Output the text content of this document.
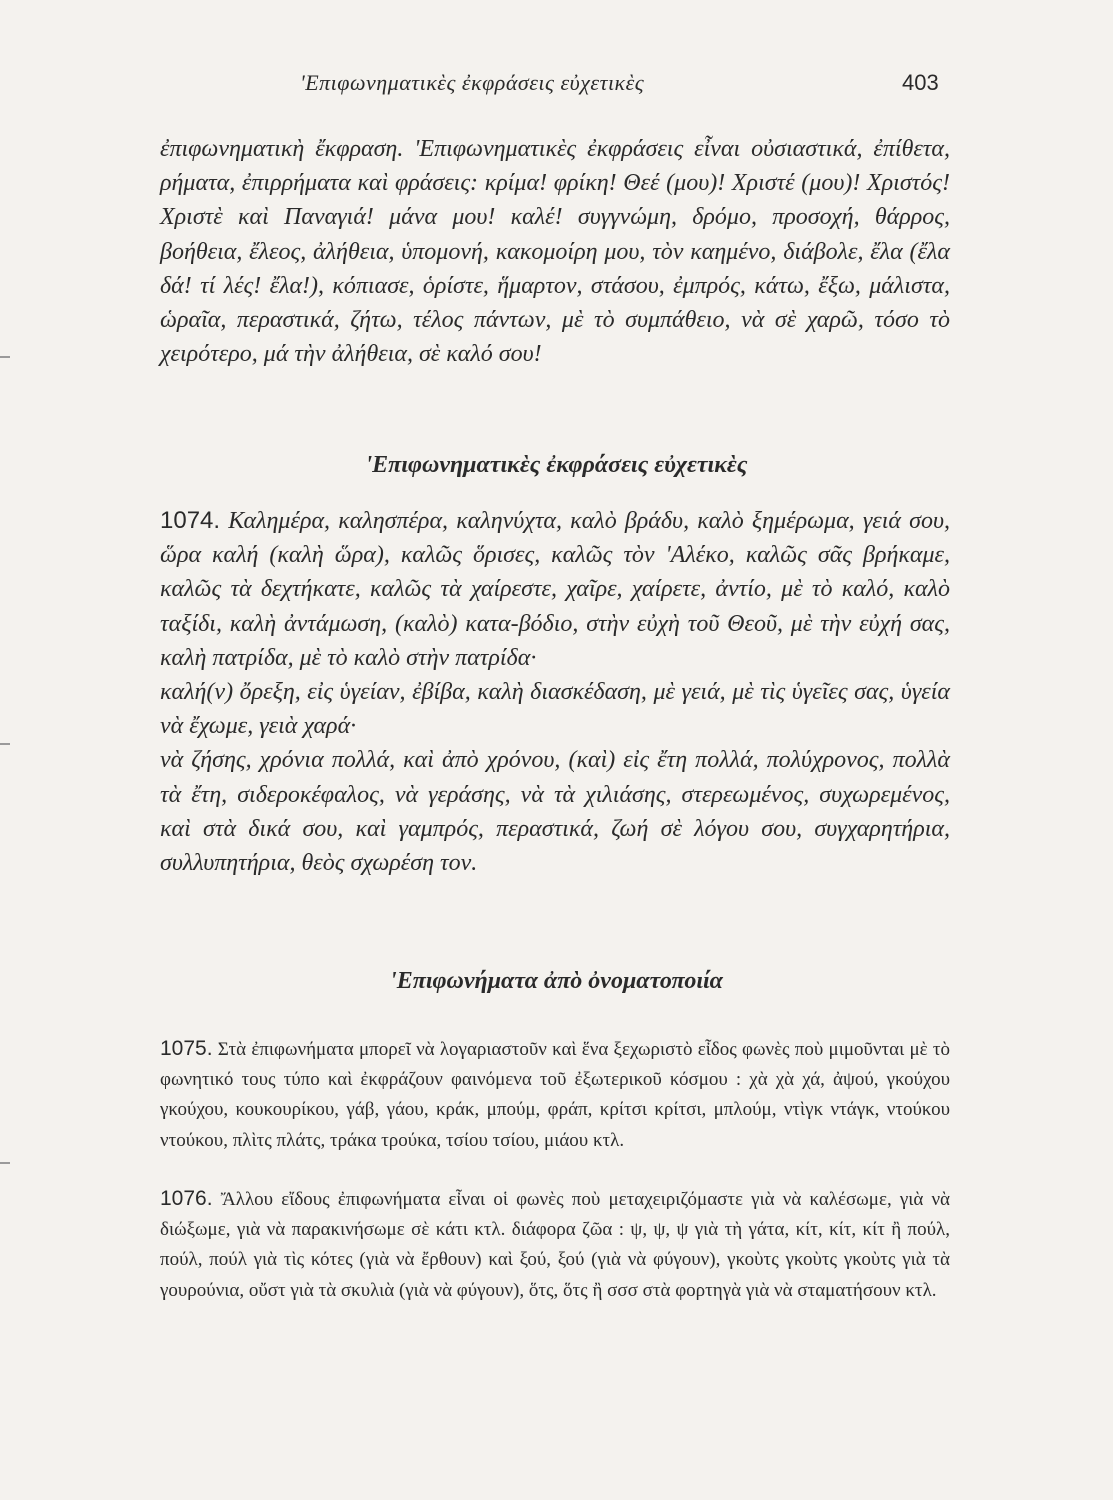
'Επιφωνηματικὲς ἐκφράσεις εὐχετικὲς	403
ἐπιφωνηματικὴ ἔκφραση. 'Επιφωνηματικὲς ἐκφράσεις εἶναι οὐσιαστικά, ἐπίθετα, ρήματα, ἐπιρρήματα καὶ φράσεις: κρίμα! φρίκη! Θεέ (μου)! Χριστέ (μου)! Χριστός! Χριστὲ καὶ Παναγιά! μάνα μου! καλέ! συγγνώμη, δρόμο, προσοχή, θάρρος, βοήθεια, ἔλεος, ἀλήθεια, ὑπομονή, κακομοίρη μου, τὸν καημένο, διάβολε, ἔλα (ἔλα δά! τί λές! ἔλα!), κόπιασε, ὁρίστε, ἥμαρτον, στάσου, ἐμπρός, κάτω, ἔξω, μάλιστα, ὡραῖα, περαστικά, ζήτω, τέλος πάντων, μὲ τὸ συμπάθειο, νὰ σὲ χαρῶ, τόσο τὸ χειρότερο, μά τὴν ἀλήθεια, σὲ καλό σου!
'Επιφωνηματικὲς ἐκφράσεις εὐχετικὲς
1074. Καλημέρα, καλησπέρα, καληνύχτα, καλὸ βράδυ, καλὸ ξημέρωμα, γειά σου, ὥρα καλή (καλὴ ὥρα), καλῶς ὅρισες, καλῶς τὸν 'Αλέκο, καλῶς σᾶς βρήκαμε, καλῶς τὰ δεχτήκατε, καλῶς τὰ χαίρεστε, χαῖρε, χαίρετε, ἀντίο, μὲ τὸ καλό, καλὸ ταξίδι, καλὴ ἀντάμωση, (καλὸ) κατα-βόδιο, στὴν εὐχὴ τοῦ Θεοῦ, μὲ τὴν εὐχή σας, καλὴ πατρίδα, μὲ τὸ καλὸ στὴν πατρίδα·
καλή(ν) ὄρεξη, εἰς ὑγείαν, ἐβίβα, καλὴ διασκέδαση, μὲ γειά, μὲ τὶς ὑγεῖες σας, ὑγεία νὰ ἔχωμε, γειὰ χαρά·
νὰ ζήσης, χρόνια πολλά, καὶ ἀπὸ χρόνου, (καὶ) εἰς ἔτη πολλά, πολύχρονος, πολλὰ τὰ ἔτη, σιδεροκέφαλος, νὰ γεράσης, νὰ τὰ χιλιάσης, στερεωμένος, συχωρεμένος, καὶ στὰ δικά σου, καὶ γαμπρός, περαστικά, ζωή σὲ λόγου σου, συγχαρητήρια, συλλυπητήρια, θεὸς σχωρέση τον.
'Επιφωνήματα ἀπὸ ὀνοματοποιία
1075. Στὰ ἐπιφωνήματα μπορεῖ νὰ λογαριαστοῦν καὶ ἕνα ξεχωριστὸ εἶδος φωνὲς ποὺ μιμοῦνται μὲ τὸ φωνητικό τους τύπο καὶ ἐκφράζουν φαινόμενα τοῦ ἐξωτερικοῦ κόσμου : χὰ χὰ χά, ἀψού, γκούχου γκούχου, κουκουρίκου, γάβ, γάου, κράκ, μπούμ, φράπ, κρίτσι κρίτσι, μπλούμ, ντὶγκ ντάγκ, ντούκου ντούκου, πλὶτς πλάτς, τράκα τρούκα, τσίου τσίου, μιάου κτλ.
1076. Ἄλλου εἴδους ἐπιφωνήματα εἶναι οἱ φωνὲς ποὺ μεταχειριζόμαστε γιὰ νὰ καλέσωμε, γιὰ νὰ διώξωμε, γιὰ νὰ παρακινήσωμε σὲ κάτι κτλ. διάφορα ζῶα : ψ, ψ, ψ γιὰ τὴ γάτα, κίτ, κίτ, κίτ ἢ πούλ, πούλ, πούλ γιὰ τὶς κότες (γιὰ νὰ ἔρθουν) καὶ ξού, ξού (γιὰ νὰ φύγουν), γκοὺτς γκοὺτς γκοὺτς γιὰ τὰ γουρούνια, οὔστ γιὰ τὰ σκυλιὰ (γιὰ νὰ φύγουν), ὅτς, ὅτς ἢ σσσ στὰ φορτηγὰ γιὰ νὰ σταματήσουν κτλ.
